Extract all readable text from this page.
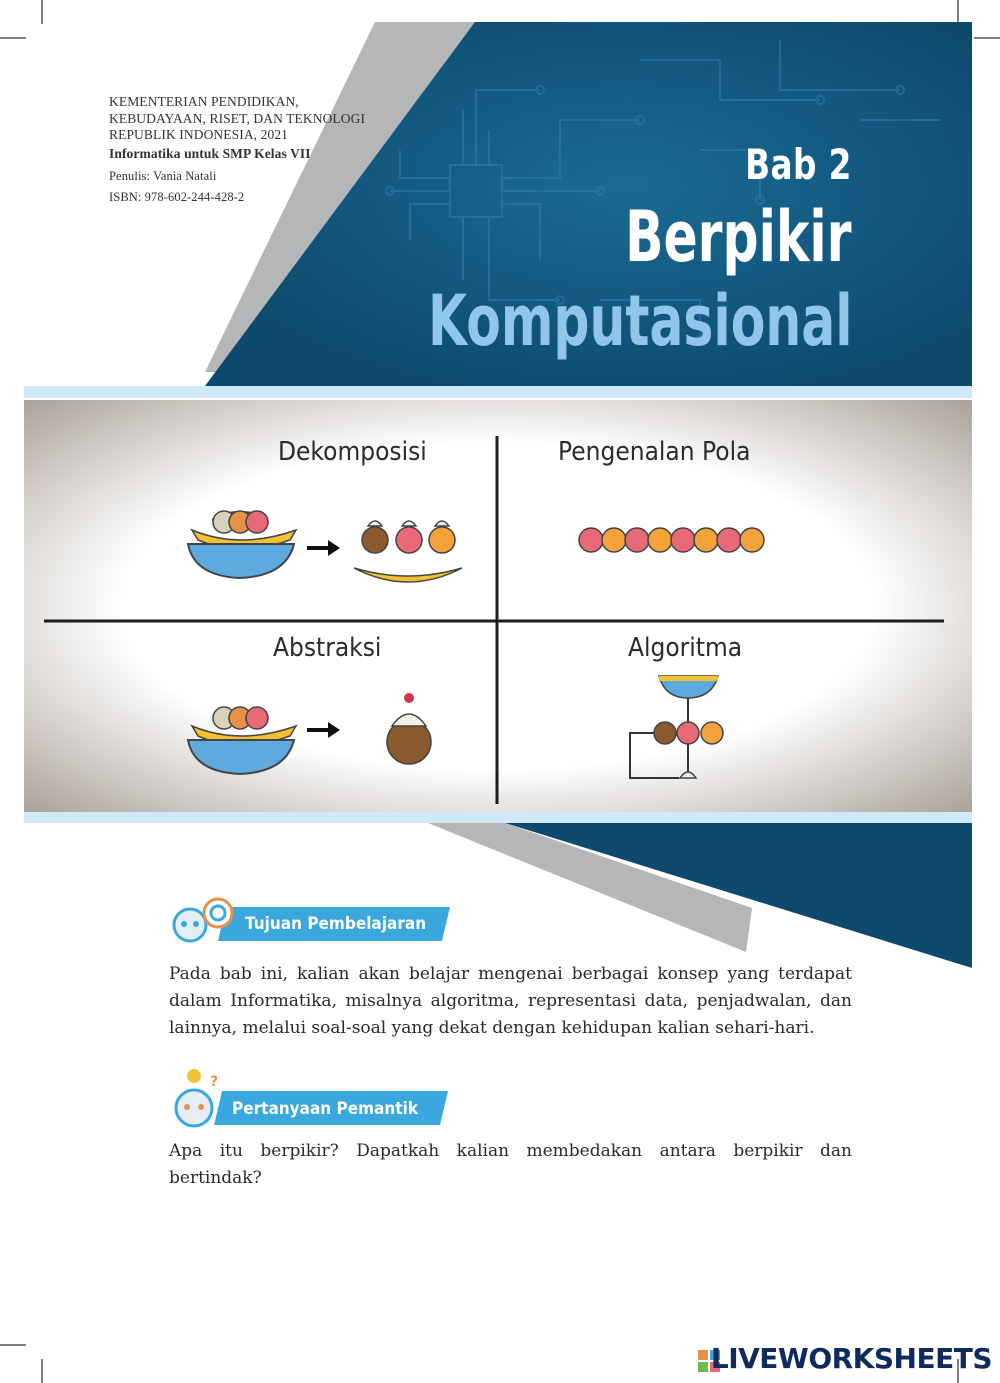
KEMENTERIAN PENDIDIKAN,
KEBUDAYAAN, RISET, DAN TEKNOLOGI
REPUBLIK INDONESIA, 2021
Informatika untuk SMP Kelas VII
Penulis: Vania Natali
ISBN: 978-602-244-428-2
Bab 2
Berpikir
Komputasional
Dekomposisi	Pengenalan Pola
Abstraksi	Algoritma
Tujuan Pembelajaran
Pada bab ini, kalian akan belajar mengenai berbagai konsep yang terdapat dalam Informatika, misalnya algoritma, representasi data, penjadwalan, dan lainnya, melalui soal-soal yang dekat dengan kehidupan kalian sehari-hari.
?
Pertanyaan Pemantik
Apa itu berpikir? Dapatkah kalian membedakan antara berpikir dan bertindak?
LIVEWORKSHEETS
